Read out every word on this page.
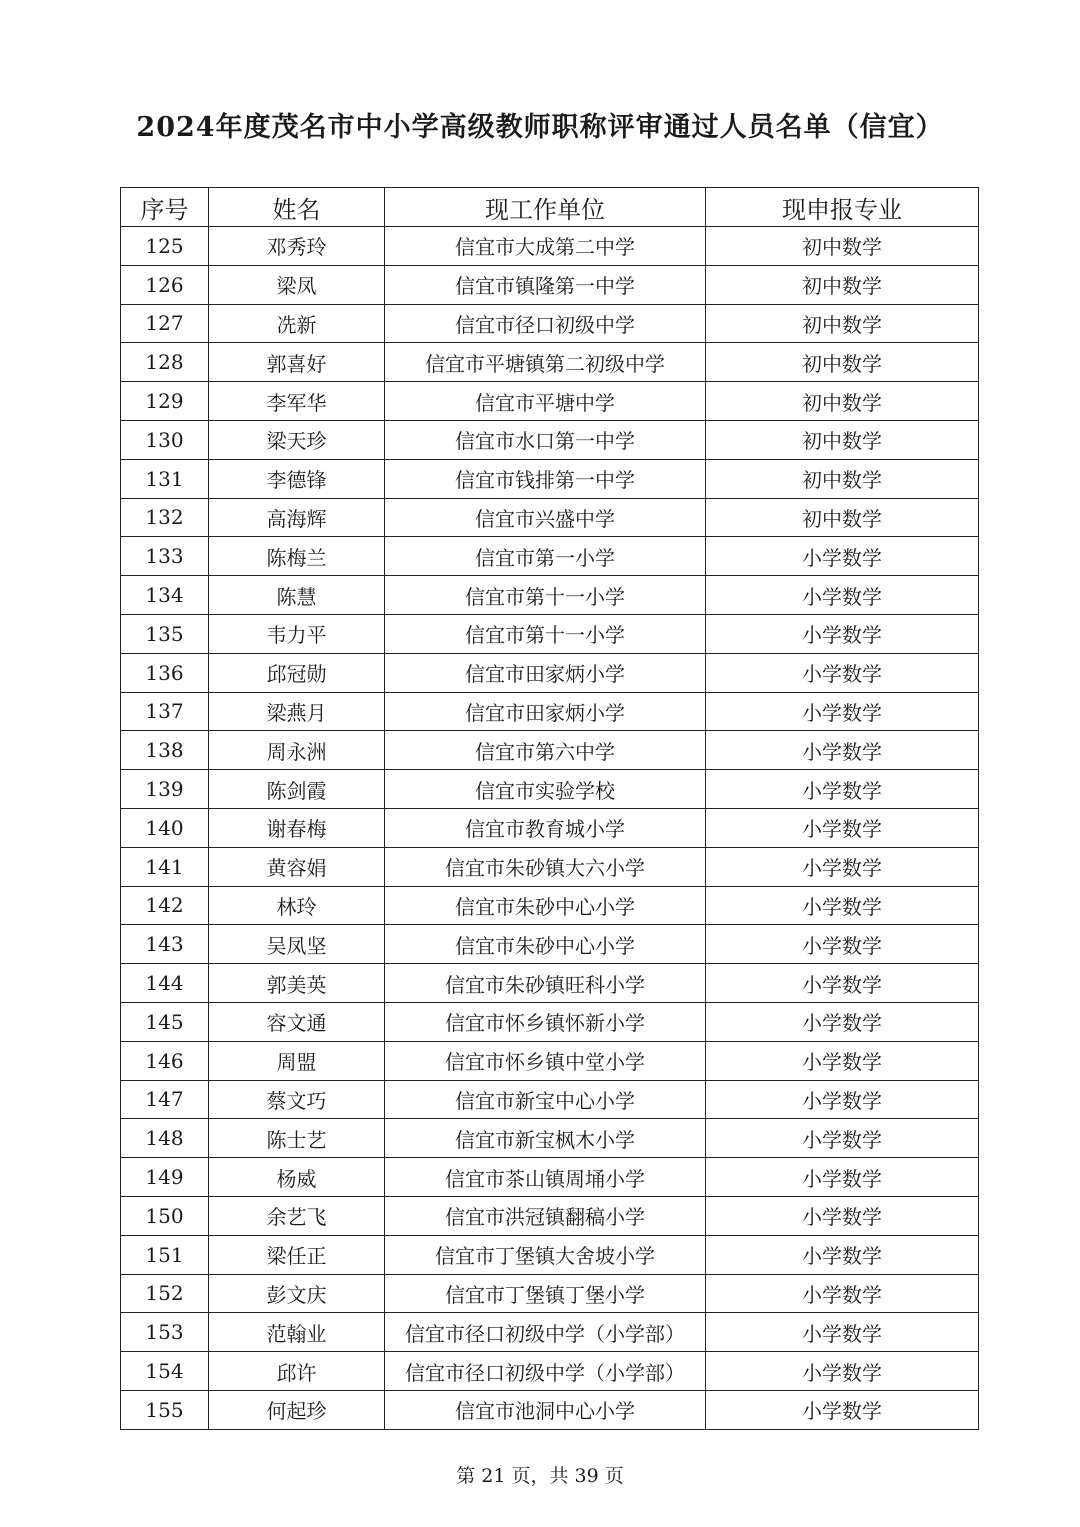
2024年度茂名市中小学高级教师职称评审通过人员名单（信宜）
序号	姓名	现工作单位	现申报专业
125	邓秀玲	信宜市大成第二中学	初中数学
126	梁凤	信宜市镇隆第一中学	初中数学
127	冼新	信宜市径口初级中学	初中数学
128	郭喜好	信宜市平塘镇第二初级中学	初中数学
129	李军华	信宜市平塘中学	初中数学
130	梁天珍	信宜市水口第一中学	初中数学
131	李德锋	信宜市钱排第一中学	初中数学
132	高海辉	信宜市兴盛中学	初中数学
133	陈梅兰	信宜市第一小学	小学数学
134	陈慧	信宜市第十一小学	小学数学
135	韦力平	信宜市第十一小学	小学数学
136	邱冠勋	信宜市田家炳小学	小学数学
137	梁燕月	信宜市田家炳小学	小学数学
138	周永洲	信宜市第六中学	小学数学
139	陈剑霞	信宜市实验学校	小学数学
140	谢春梅	信宜市教育城小学	小学数学
141	黄容娟	信宜市朱砂镇大六小学	小学数学
142	林玲	信宜市朱砂中心小学	小学数学
143	吴凤坚	信宜市朱砂中心小学	小学数学
144	郭美英	信宜市朱砂镇旺科小学	小学数学
145	容文通	信宜市怀乡镇怀新小学	小学数学
146	周盟	信宜市怀乡镇中堂小学	小学数学
147	蔡文巧	信宜市新宝中心小学	小学数学
148	陈士艺	信宜市新宝枫木小学	小学数学
149	杨威	信宜市茶山镇周埇小学	小学数学
150	余艺飞	信宜市洪冠镇翻稿小学	小学数学
151	梁任正	信宜市丁堡镇大舍坡小学	小学数学
152	彭文庆	信宜市丁堡镇丁堡小学	小学数学
153	范翰业	信宜市径口初级中学（小学部）	小学数学
154	邱许	信宜市径口初级中学（小学部）	小学数学
155	何起珍	信宜市池洞中心小学	小学数学
第 21 页，共 39 页
